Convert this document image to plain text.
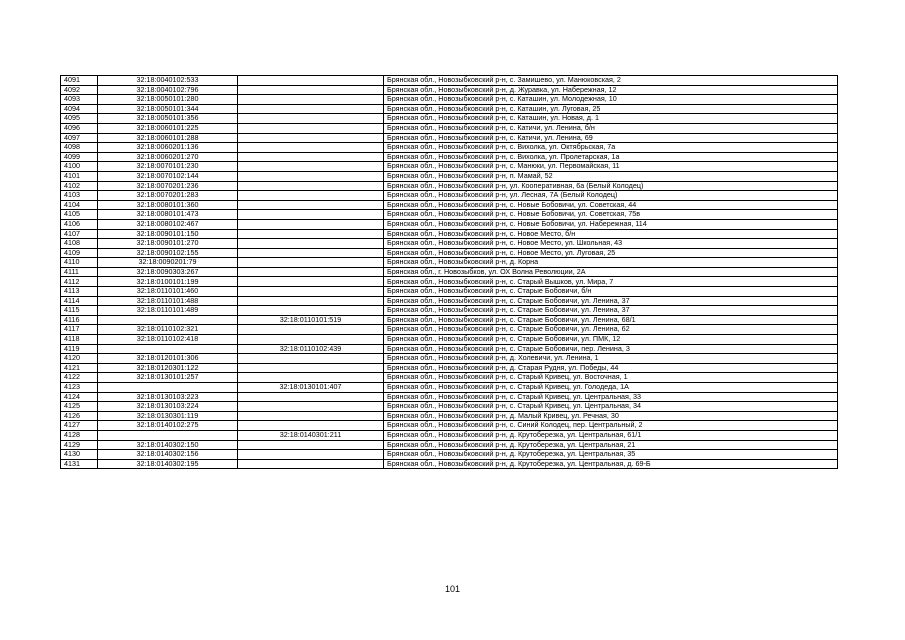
4091	32:18:0040102:533		Брянская обл., Новозыбковский р-н, с. Замишево, ул. Манюковская, 2
4092	32:18:0040102:796		Брянская обл., Новозыбковский р-н, д. Журавка, ул. Набережная, 12
4093	32:18:0050101:280		Брянская обл., Новозыбковский р-н, с. Каташин, ул. Молодежная, 10
4094	32:18:0050101:344		Брянская обл., Новозыбковский р-н, с. Каташин, ул. Луговая, 25
4095	32:18:0050101:356		Брянская обл., Новозыбковский р-н, с. Каташин, ул. Новая, д. 1
4096	32:18:0060101:225		Брянская обл., Новозыбковский р-н, с. Катичи, ул. Ленина, б/н
4097	32:18:0060101:288		Брянская обл., Новозыбковский р-н, с. Катичи, ул. Ленина, 69
4098	32:18:0060201:136		Брянская обл., Новозыбковский р-н, с. Вихолка, ул. Октябрьская, 7а
4099	32:18:0060201:270		Брянская обл., Новозыбковский р-н, с. Вихолка, ул. Пролетарская, 1а
4100	32:18:0070101:230		Брянская обл., Новозыбковский р-н, с. Манюки, ул. Первомайская, 11
4101	32:18:0070102:144		Брянская обл., Новозыбковский р-н, п. Мамай, 52
4102	32:18:0070201:236		Брянская обл., Новозыбковский р-н, ул. Кооперативная, 6а (Белый Колодец)
4103	32:18:0070201:283		Брянская обл., Новозыбковский р-н, ул. Лесная, 7А (Белый Колодец)
4104	32:18:0080101:360		Брянская обл., Новозыбковский р-н, с. Новые Бобовичи, ул. Советская, 44
4105	32:18:0080101:473		Брянская обл., Новозыбковский р-н, с. Новые Бобовичи, ул. Советская, 75в
4106	32:18:0080102:467		Брянская обл., Новозыбковский р-н, с. Новые Бобовичи, ул. Набережная, 114
4107	32:18:0090101:150		Брянская обл., Новозыбковский р-н, с. Новое Место, б/н
4108	32:18:0090101:270		Брянская обл., Новозыбковский р-н, с. Новое Место, ул. Школьная, 43
4109	32:18:0090102:155		Брянская обл., Новозыбковский р-н, с. Новое Место, ул. Луговая, 25
4110	32:18:0090201:79		Брянская обл., Новозыбковский р-н, д. Корна
4111	32:18:0090303:267		Брянская обл., г. Новозыбков, ул. ОХ Волна Революции, 2А
4112	32:18:0100101:199		Брянская обл., Новозыбковский р-н, с. Старый Вышков, ул. Мира, 7
4113	32:18:0110101:460		Брянская обл., Новозыбковский р-н, с. Старые Бобовичи, б/н
4114	32:18:0110101:488		Брянская обл., Новозыбковский р-н, с. Старые Бобовичи, ул. Ленина, 37
4115	32:18:0110101:489		Брянская обл., Новозыбковский р-н, с. Старые Бобовичи, ул. Ленина, 37
4116		32:18:0110101:519	Брянская обл., Новозыбковский р-н, с. Старые Бобовичи, ул. Ленина, 68/1
4117	32:18:0110102:321		Брянская обл., Новозыбковский р-н, с. Старые Бобовичи, ул. Ленина, 62
4118	32:18:0110102:418		Брянская обл., Новозыбковский р-н, с. Старые Бобовичи, ул. ПМК, 12
4119		32:18:0110102:439	Брянская обл., Новозыбковский р-н, с. Старые Бобовичи, пер. Ленина, 3
4120	32:18:0120101:306		Брянская обл., Новозыбковский р-н, д. Холевичи, ул. Ленина, 1
4121	32:18:0120301:122		Брянская обл., Новозыбковский р-н, д. Старая Рудня, ул. Победы, 44
4122	32:18:0130101:257		Брянская обл., Новозыбковский р-н, с. Старый Кривец, ул. Восточная, 1
4123		32:18:0130101:407	Брянская обл., Новозыбковский р-н, с. Старый Кривец, ул. Голодеда, 1А
4124	32:18:0130103:223		Брянская обл., Новозыбковский р-н, с. Старый Кривец, ул. Центральная, 33
4125	32:18:0130103:224		Брянская обл., Новозыбковский р-н, с. Старый Кривец, ул. Центральная, 34
4126	32:18:0130301:119		Брянская обл., Новозыбковский р-н, д. Малый Кривец, ул. Речная, 30
4127	32:18:0140102:275		Брянская обл., Новозыбковский р-н, с. Синий Колодец, пер. Центральный, 2
4128		32:18:0140301:211	Брянская обл., Новозыбковский р-н, д. Крутоберезка, ул. Центральная, 61/1
4129	32:18:0140302:150		Брянская обл., Новозыбковский р-н, д. Крутоберезка, ул. Центральная, 21
4130	32:18:0140302:156		Брянская обл., Новозыбковский р-н, д. Крутоберезка, ул. Центральная, 35
4131	32:18:0140302:195		Брянская обл., Новозыбковский р-н, д. Крутоберезка, ул. Центральная, д. 69-Б
101
